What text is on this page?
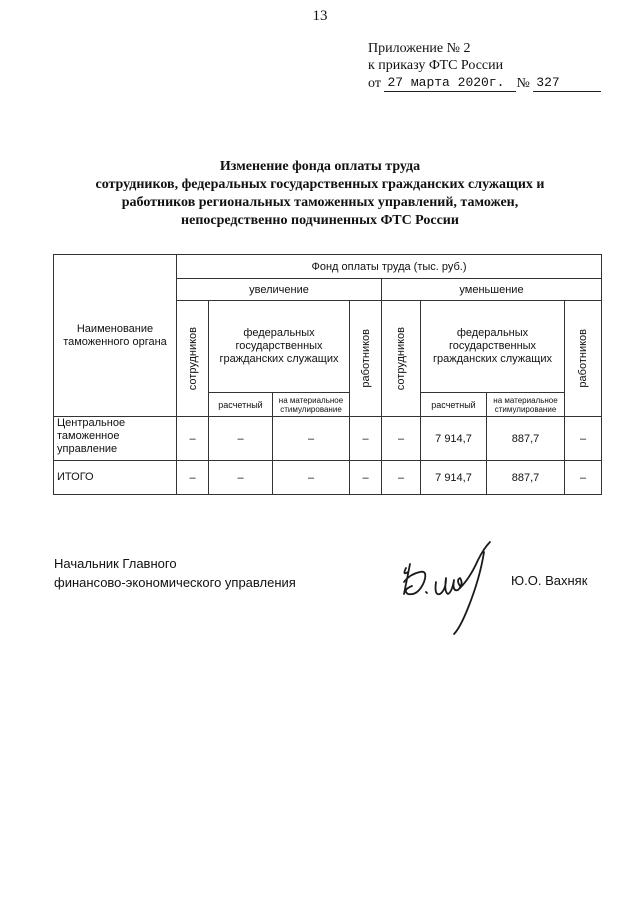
13
Приложение № 2
к приказу ФТС России
от
27 марта 2020г. №
327
Изменение фонда оплаты труда
сотрудников, федеральных государственных гражданских служащих и
работников региональных таможенных управлений, таможен,
непосредственно подчиненных ФТС России
Наименование таможенного органа	Фонд оплаты труда (тыс. руб.)							
	увеличение				уменьшение			

	сотрудников	федеральных государственных гражданских служащих		работников	сотрудников	федеральных государственных гражданских служащих		работников

		расчетный	на материальное стимулирование			расчетный	на материальное стимулирование	
Центральное таможенное управление	–	–	–	–	–	7 914,7	887,7	–
ИТОГО	–	–	–	–	–	7 914,7	887,7	–
Начальник Главного
финансово-экономического управления	Ю.О. Вахняк
